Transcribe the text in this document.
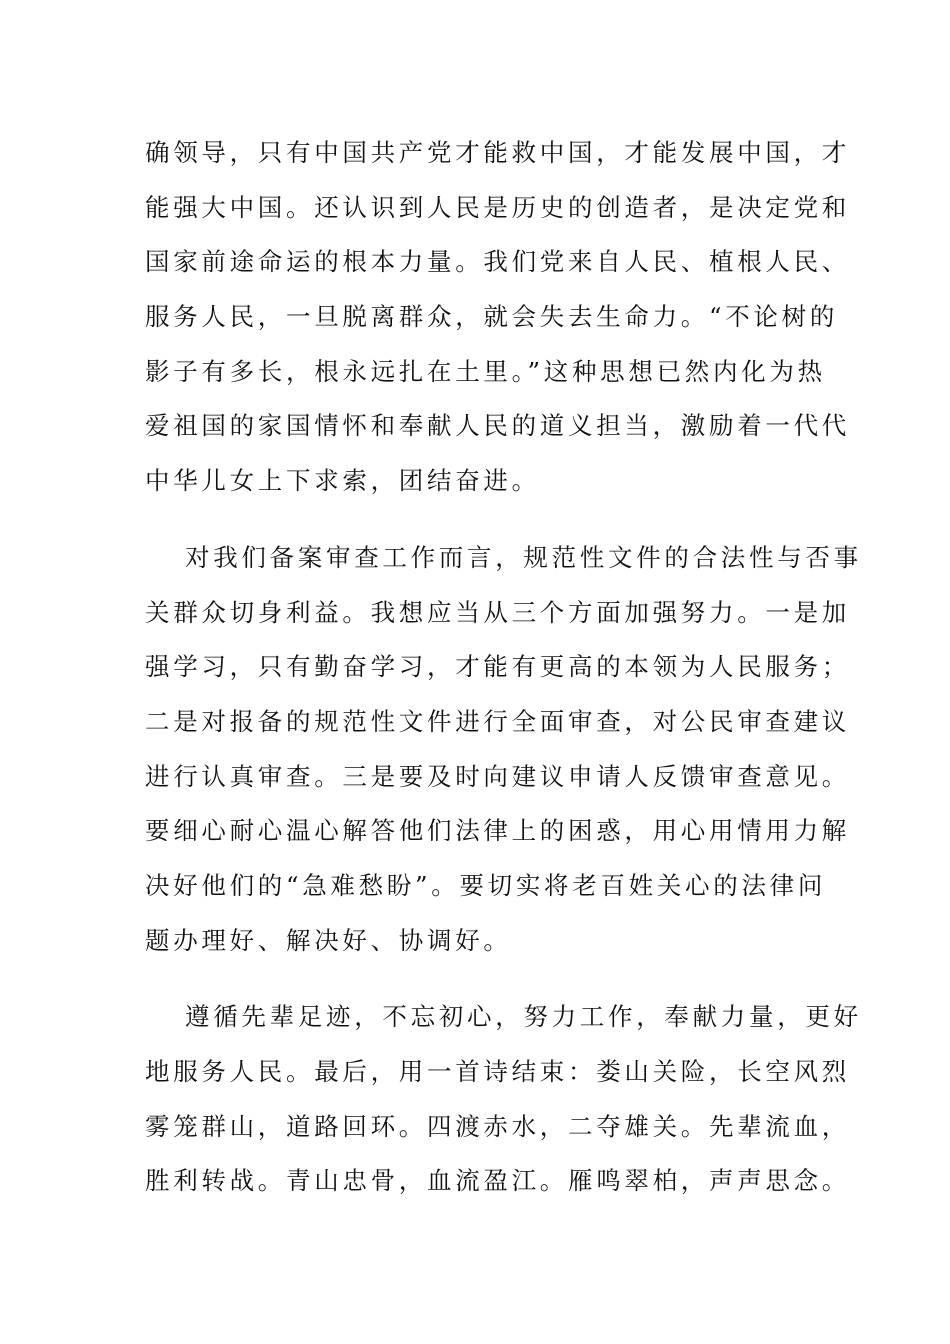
确领导，只有中国共产党才能救中国，才能发展中国，才
能强大中国。还认识到人民是历史的创造者，是决定党和
国家前途命运的根本力量。我们党来自人民、植根人民、
服务人民，一旦脱离群众，就会失去生命力。“不论树的
影子有多长，根永远扎在土里。”这种思想已然内化为热
爱祖国的家国情怀和奉献人民的道义担当，激励着一代代
中华儿女上下求索，团结奋进。
对我们备案审查工作而言，规范性文件的合法性与否事
关群众切身利益。我想应当从三个方面加强努力。一是加
强学习，只有勤奋学习，才能有更高的本领为人民服务；
二是对报备的规范性文件进行全面审查，对公民审查建议
进行认真审查。三是要及时向建议申请人反馈审查意见。
要细心耐心温心解答他们法律上的困惑，用心用情用力解
决好他们的“急难愁盼”。要切实将老百姓关心的法律问
题办理好、解决好、协调好。
遵循先辈足迹，不忘初心，努力工作，奉献力量，更好
地服务人民。最后，用一首诗结束：娄山关险，长空风烈
雾笼群山，道路回环。四渡赤水，二夺雄关。先辈流血，
胜利转战。青山忠骨，血流盈江。雁鸣翠柏，声声思念。
